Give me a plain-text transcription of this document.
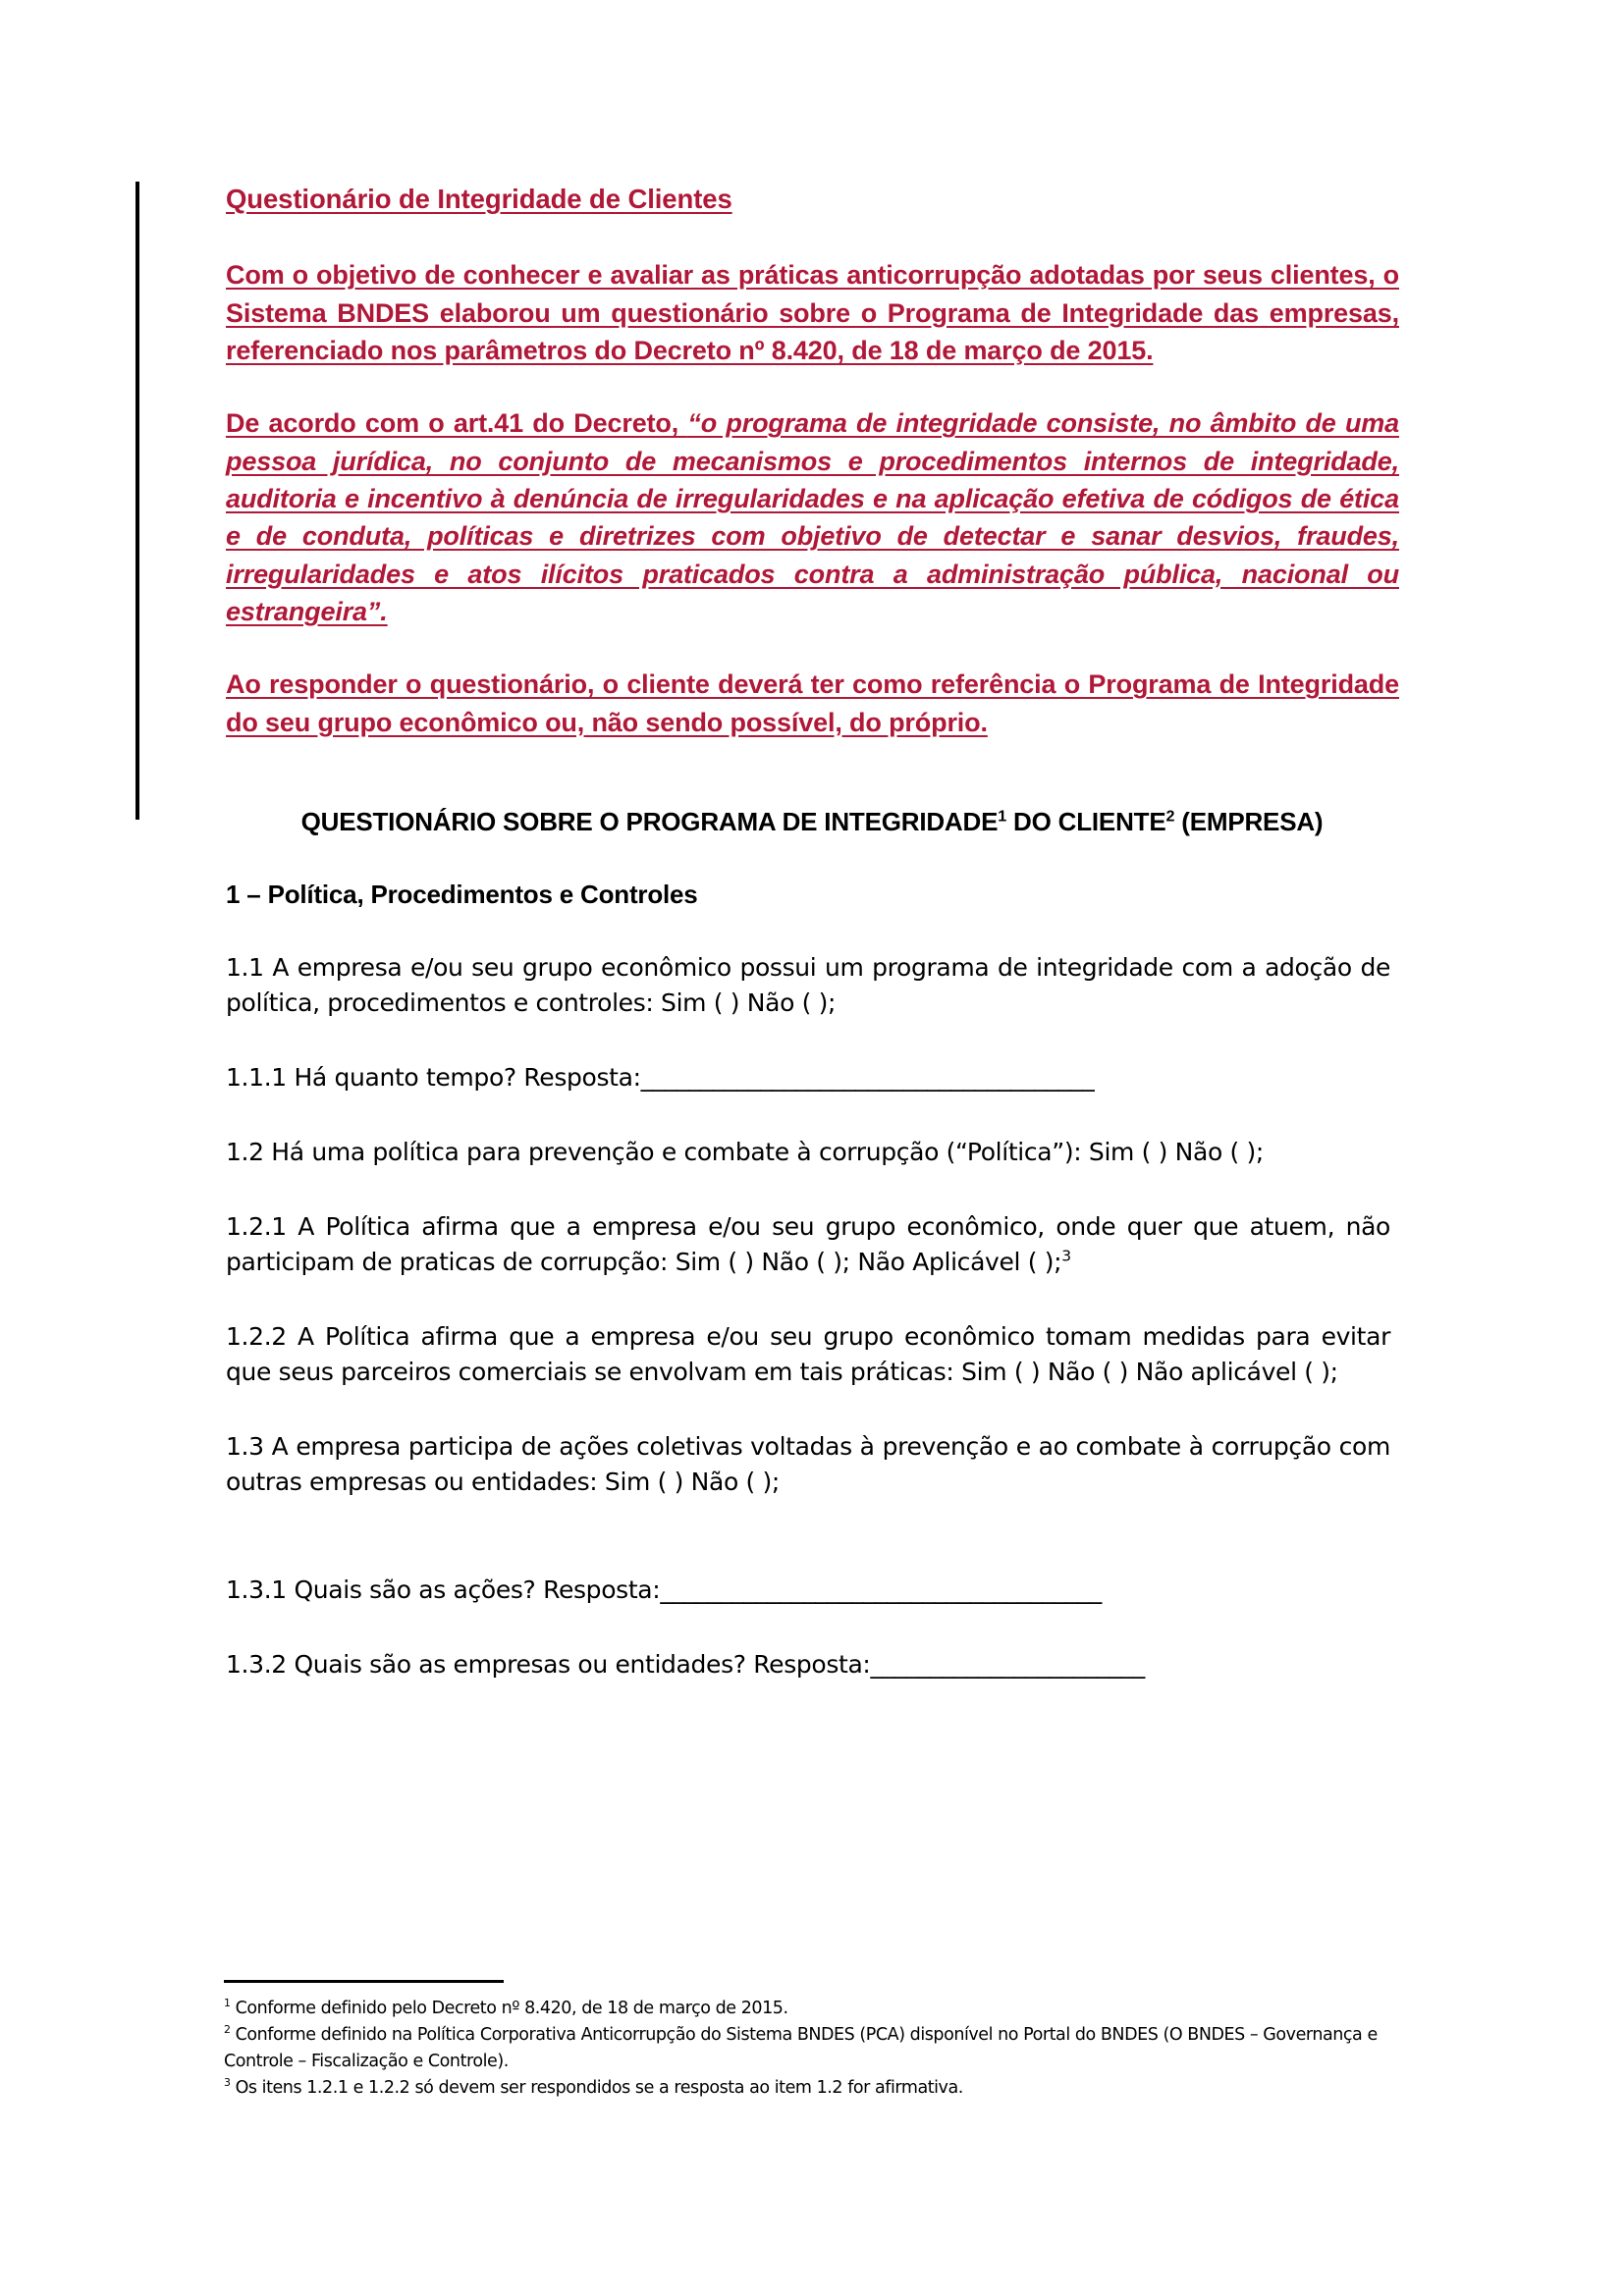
Questionário de Integridade de Clientes
Com o objetivo de conhecer e avaliar as práticas anticorrupção adotadas por seus clientes, o Sistema BNDES elaborou um questionário sobre o Programa de Integridade das empresas, referenciado nos parâmetros do Decreto nº 8.420, de 18 de março de 2015.
De acordo com o art.41 do Decreto, “o programa de integridade consiste, no âmbito de uma pessoa jurídica, no conjunto de mecanismos e procedimentos internos de integridade, auditoria e incentivo à denúncia de irregularidades e na aplicação efetiva de códigos de ética e de conduta, políticas e diretrizes com objetivo de detectar e sanar desvios, fraudes, irregularidades e atos ilícitos praticados contra a administração pública, nacional ou estrangeira”.
Ao responder o questionário, o cliente deverá ter como referência o Programa de Integridade do seu grupo econômico ou, não sendo possível, do próprio.
QUESTIONÁRIO SOBRE O PROGRAMA DE INTEGRIDADE$^1$ DO CLIENTE$^2$ (EMPRESA)
1 – Política, Procedimentos e Controles

1.1 A empresa e/ou seu grupo econômico possui um programa de integridade com a adoção de política, procedimentos e controles: Sim ( ) Não ( );

1.1.1 Há quanto tempo? Resposta:______________________________________

1.2 Há uma política para prevenção e combate à corrupção (“Política”): Sim ( ) Não ( );

1.2.1 A Política afirma que a empresa e/ou seu grupo econômico, onde quer que atuem, não participam de praticas de corrupção: Sim ( ) Não ( ); Não Aplicável ( );$^3$

1.2.2 A Política afirma que a empresa e/ou seu grupo econômico tomam medidas para evitar que seus parceiros comerciais se envolvam em tais práticas: Sim ( ) Não ( ) Não aplicável ( );

1.3 A empresa participa de ações coletivas voltadas à prevenção e ao combate à corrupção com outras empresas ou entidades: Sim ( ) Não ( );

1.3.1 Quais são as ações? Resposta:_____________________________________

1.3.2 Quais são as empresas ou entidades? Resposta:_______________________

$^1$ Conforme definido pelo Decreto nº 8.420, de 18 de março de 2015.

$^2$ Conforme definido na Política Corporativa Anticorrupção do Sistema BNDES (PCA) disponível no Portal do BNDES (O BNDES – Governança e Controle – Fiscalização e Controle).

$^3$ Os itens 1.2.1 e 1.2.2 só devem ser respondidos se a resposta ao item 1.2 for afirmativa.
